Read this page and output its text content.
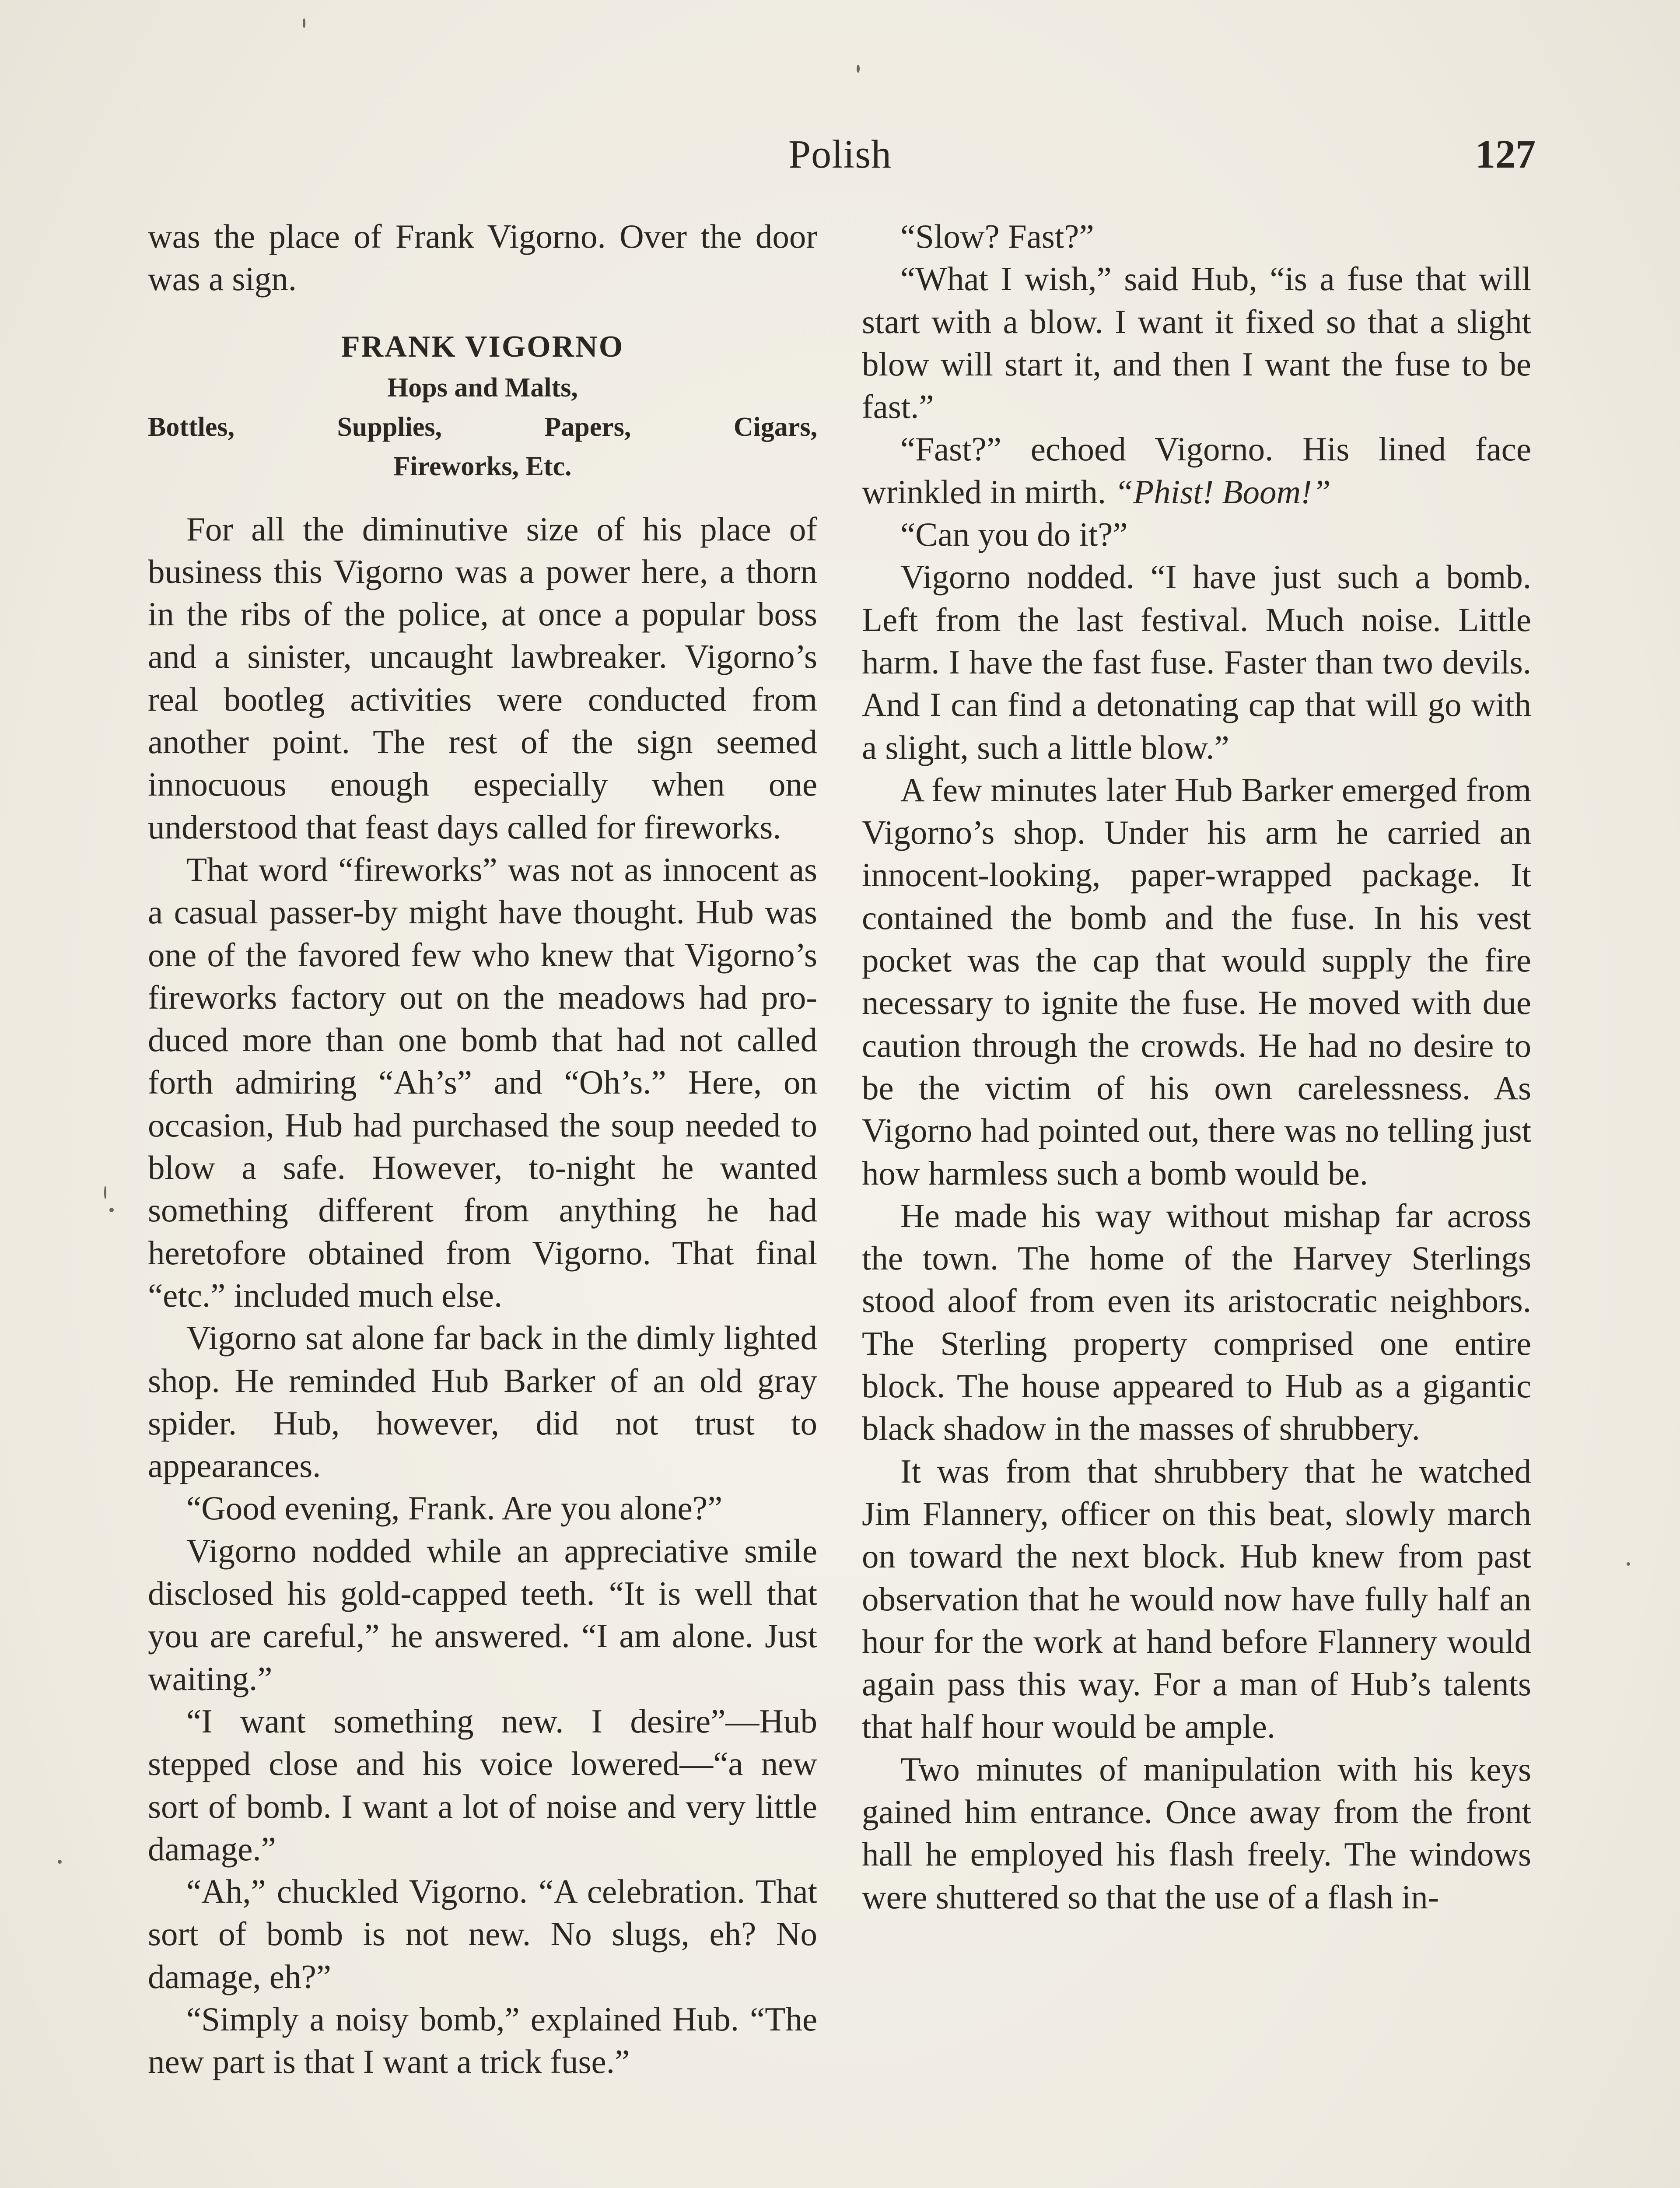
Polish	127

was the place of Frank Vigorno. Over the door was a sign.

FRANK VIGORNO
Hops and Malts,
Bottles,	Supplies,	Papers,	Cigars,
Fireworks, Etc.

For all the diminutive size of his place of business this Vigorno was a power here, a thorn in the ribs of the police, at once a popular boss and a sinister, uncaught lawbreaker. Vigorno’s real bootleg activities were conducted from another point. The rest of the sign seemed innocuous enough especially when one understood that feast days called for fireworks.

That word “fireworks” was not as innocent as a casual passer-by might have thought. Hub was one of the favored few who knew that Vigorno’s fireworks factory out on the meadows had produced more than one bomb that had not called forth admiring “Ah’s” and “Oh’s.” Here, on occasion, Hub had purchased the soup needed to blow a safe. However, to-night he wanted something different from anything he had heretofore obtained from Vigorno. That final “etc.” included much else.

Vigorno sat alone far back in the dimly lighted shop. He reminded Hub Barker of an old gray spider. Hub, however, did not trust to appearances.

“Good evening, Frank. Are you alone?”

Vigorno nodded while an appreciative smile disclosed his gold-capped teeth. “It is well that you are careful,” he answered. “I am alone. Just waiting.”

“I want something new. I desire”—Hub stepped close and his voice lowered—“a new sort of bomb. I want a lot of noise and very little damage.”

“Ah,” chuckled Vigorno. “A celebration. That sort of bomb is not new. No slugs, eh? No damage, eh?”

“Simply a noisy bomb,” explained Hub. “The new part is that I want a trick fuse.”

“Slow? Fast?”

“What I wish,” said Hub, “is a fuse that will start with a blow. I want it fixed so that a slight blow will start it, and then I want the fuse to be fast.”

“Fast?” echoed Vigorno. His lined face wrinkled in mirth. “Phist! Boom!”

“Can you do it?”

Vigorno nodded. “I have just such a bomb. Left from the last festival. Much noise. Little harm. I have the fast fuse. Faster than two devils. And I can find a detonating cap that will go with a slight, such a little blow.”

A few minutes later Hub Barker emerged from Vigorno’s shop. Under his arm he carried an innocent-looking, paper-wrapped package. It contained the bomb and the fuse. In his vest pocket was the cap that would supply the fire necessary to ignite the fuse. He moved with due caution through the crowds. He had no desire to be the victim of his own carelessness. As Vigorno had pointed out, there was no telling just how harmless such a bomb would be.

He made his way without mishap far across the town. The home of the Harvey Sterlings stood aloof from even its aristocratic neighbors. The Sterling property comprised one entire block. The house appeared to Hub as a gigantic black shadow in the masses of shrubbery.

It was from that shrubbery that he watched Jim Flannery, officer on this beat, slowly march on toward the next block. Hub knew from past observation that he would now have fully half an hour for the work at hand before Flannery would again pass this way. For a man of Hub’s talents that half hour would be ample.

Two minutes of manipulation with his keys gained him entrance. Once away from the front hall he employed his flash freely. The windows were shuttered so that the use of a flash in-
